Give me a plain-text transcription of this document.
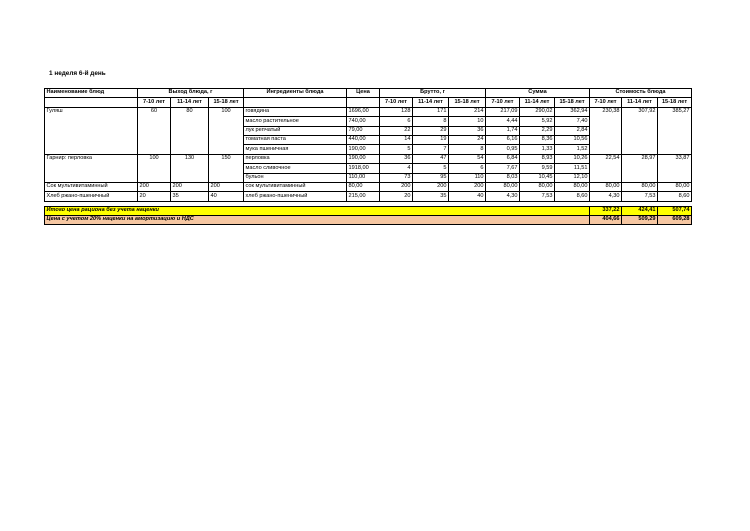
1 неделя 6-й день
Наименование блюд	Выход блюда, г			Ингредиенты блюда	Цена	Брутто, г			Сумма			Стоимость блюда		
	7-10 лет	11-14 лет	15-18 лет			7-10 лет	11-14 лет	15-18 лет	7-10 лет	11-14 лет	15-18 лет	7-10 лет	11-14 лет	15-18 лет
Гуляш	60	80	100	говядина	1696,00	128	171	214	217,09	290,02	362,94	230,38	307,92	385,27
				масло растительное	740,00	6	8	10	4,44	5,92	7,40			
				лук репчатый	79,00	22	29	36	1,74	2,29	2,84			
				томатная паста	440,00	14	19	24	6,16	8,36	10,56			
				мука пшеничная	190,00	5	7	8	0,95	1,33	1,52			
Гарнир: перловка	100	130	150	перловка	190,00	36	47	54	6,84	8,93	10,26	22,54	28,97	33,87
				масло сливочное	1918,00	4	5	6	7,67	9,59	11,51			
				бульон	110,00	73	95	110	8,03	10,45	12,10			
Сок мультивитаминный	200	200	200	сок мультивитаминный	80,00	200	200	200	80,00	80,00	80,00	80,00	80,00	80,00
Хлеб ржано-пшеничный	20	35	40	хлеб ржано-пшеничный	215,00	20	35	40	4,30	7,53	8,60	4,30	7,53	8,60

Итого цена рациона без учета наценки												337,22	424,41	507,74
Цена с учетом 20% наценки на амортизацию и НДС												404,66	509,29	609,28
